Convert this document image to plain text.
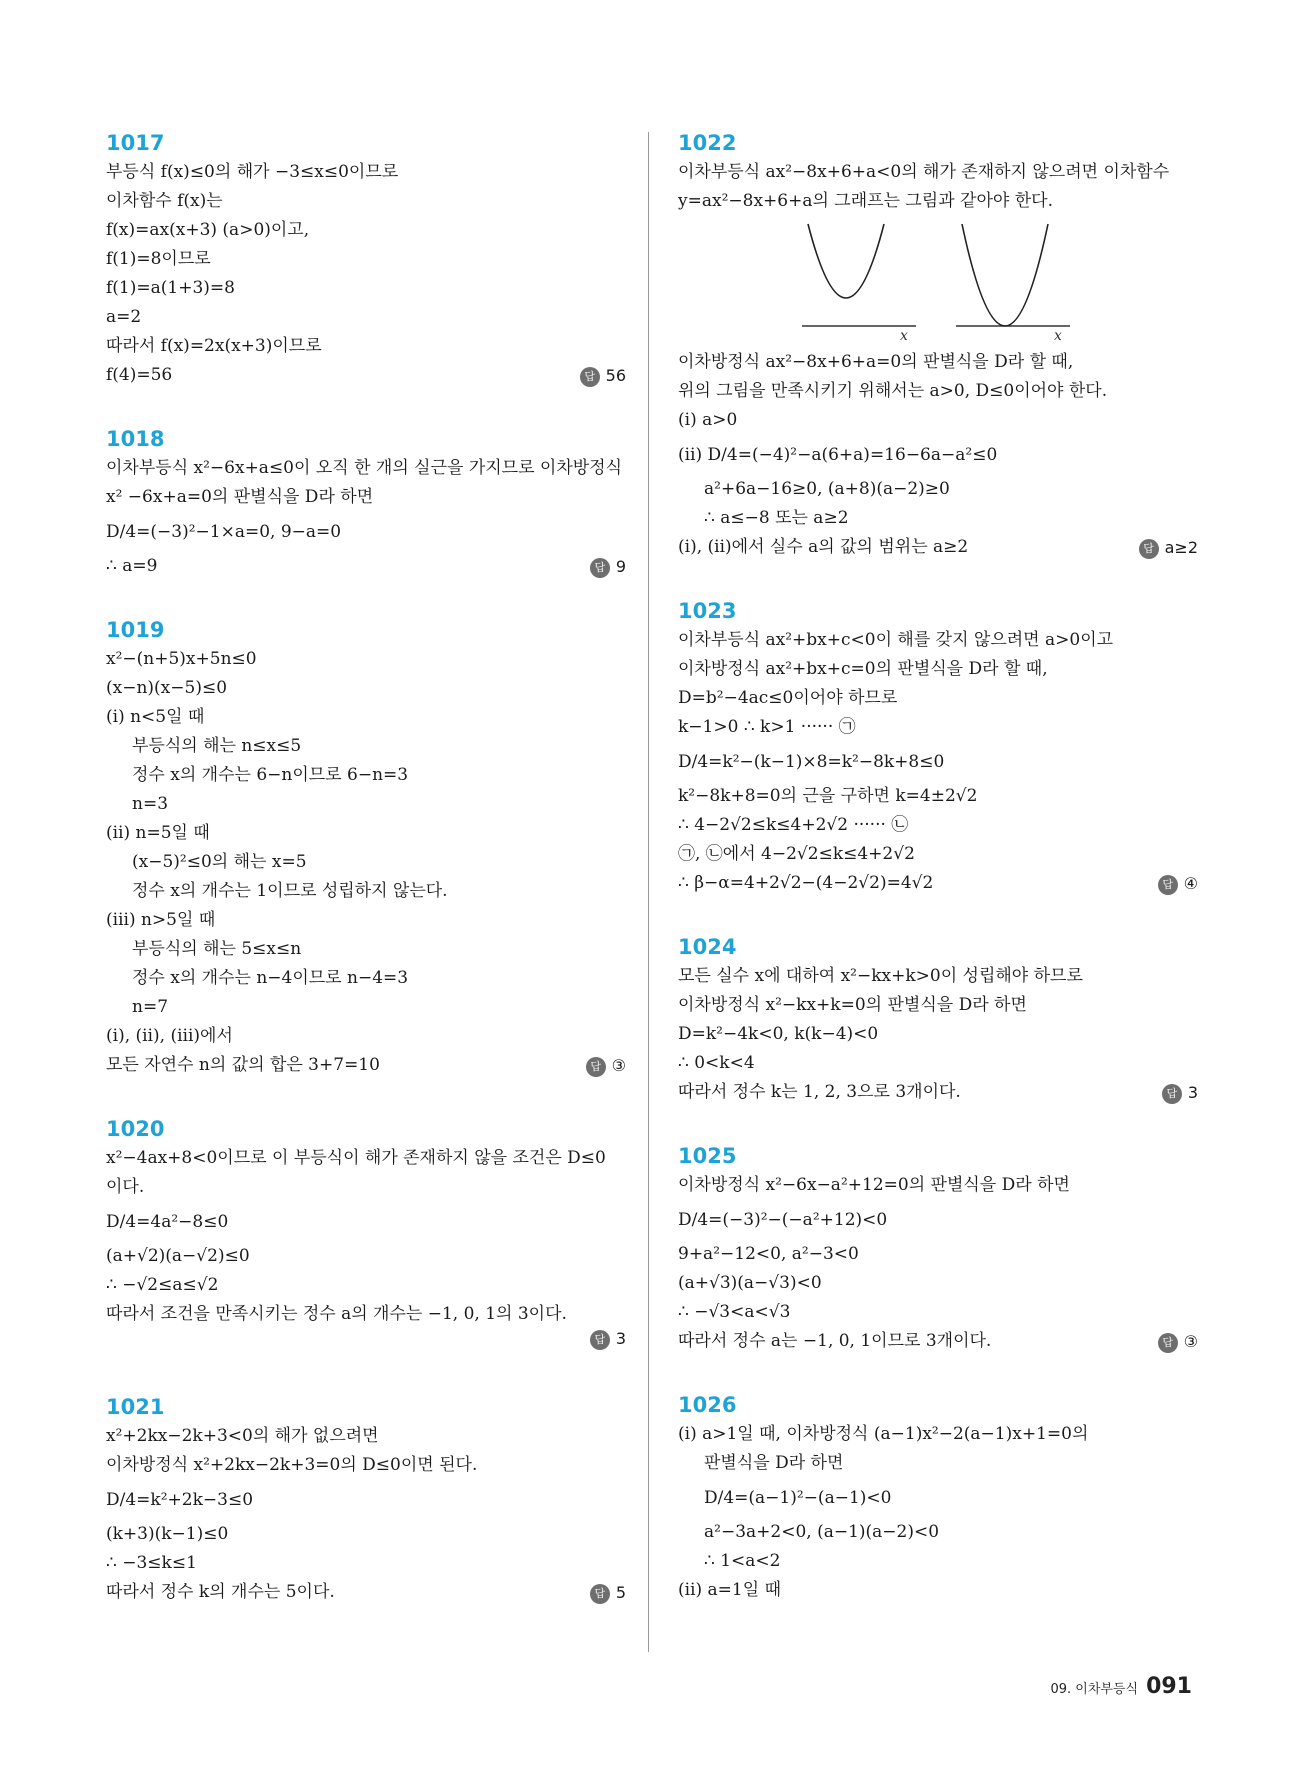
1017
부등식 f(x)≤0의 해가 −3≤x≤0이므로
이차함수 f(x)는
f(x)=ax(x+3) (a>0)이고,
f(1)=8이므로
f(1)=a(1+3)=8
a=2
따라서 f(x)=2x(x+3)이므로
f(4)=56	답 56
1018
이차부등식 x²−6x+a≤0이 오직 한 개의 실근을 가지므로 이차방정식
x² −6x+a=0의 판별식을 D라 하면
D/4=(−3)²−1×a=0, 9−a=0
∴ a=9	답 9
1019
x²−(n+5)x+5n≤0
(x−n)(x−5)≤0
(ⅰ) n<5일 때
부등식의 해는 n≤x≤5
정수 x의 개수는 6−n이므로 6−n=3
n=3
(ⅱ) n=5일 때
(x−5)²≤0의 해는 x=5
정수 x의 개수는 1이므로 성립하지 않는다.
(ⅲ) n>5일 때
부등식의 해는 5≤x≤n
정수 x의 개수는 n−4이므로 n−4=3
n=7
(ⅰ), (ⅱ), (ⅲ)에서
모든 자연수 n의 값의 합은 3+7=10	답 ③
1020
x²−4ax+8<0이므로 이 부등식이 해가 존재하지 않을 조건은 D≤0
이다.
D/4=4a²−8≤0
(a+√2)(a−√2)≤0
∴ −√2≤a≤√2
따라서 조건을 만족시키는 정수 a의 개수는 −1, 0, 1의 3이다.
답 3
1021
x²+2kx−2k+3<0의 해가 없으려면
이차방정식 x²+2kx−2k+3=0의 D≤0이면 된다.
D/4=k²+2k−3≤0
(k+3)(k−1)≤0
∴ −3≤k≤1
따라서 정수 k의 개수는 5이다.	답 5
1022
이차부등식 ax²−8x+6+a<0의 해가 존재하지 않으려면 이차함수
y=ax²−8x+6+a의 그래프는 그림과 같아야 한다.
x	x
이차방정식 ax²−8x+6+a=0의 판별식을 D라 할 때,
위의 그림을 만족시키기 위해서는 a>0, D≤0이어야 한다.
(ⅰ) a>0
(ⅱ) D/4=(−4)²−a(6+a)=16−6a−a²≤0
a²+6a−16≥0, (a+8)(a−2)≥0
∴ a≤−8 또는 a≥2
(ⅰ), (ⅱ)에서 실수 a의 값의 범위는 a≥2	답 a≥2
1023
이차부등식 ax²+bx+c<0이 해를 갖지 않으려면 a>0이고
이차방정식 ax²+bx+c=0의 판별식을 D라 할 때,
D=b²−4ac≤0이어야 하므로
k−1>0 ∴ k>1 ······ ㉠
D/4=k²−(k−1)×8=k²−8k+8≤0
k²−8k+8=0의 근을 구하면 k=4±2√2
∴ 4−2√2≤k≤4+2√2 ······ ㉡
㉠, ㉡에서 4−2√2≤k≤4+2√2
∴ β−α=4+2√2−(4−2√2)=4√2	답 ④
1024
모든 실수 x에 대하여 x²−kx+k>0이 성립해야 하므로
이차방정식 x²−kx+k=0의 판별식을 D라 하면
D=k²−4k<0, k(k−4)<0
∴ 0<k<4
따라서 정수 k는 1, 2, 3으로 3개이다.	답 3
1025
이차방정식 x²−6x−a²+12=0의 판별식을 D라 하면
D/4=(−3)²−(−a²+12)<0
9+a²−12<0, a²−3<0
(a+√3)(a−√3)<0
∴ −√3<a<√3
따라서 정수 a는 −1, 0, 1이므로 3개이다.	답 ③
1026
(ⅰ) a>1일 때, 이차방정식 (a−1)x²−2(a−1)x+1=0의
판별식을 D라 하면
D/4=(a−1)²−(a−1)<0
a²−3a+2<0, (a−1)(a−2)<0
∴ 1<a<2
(ⅱ) a=1일 때
09. 이차부등식 091
